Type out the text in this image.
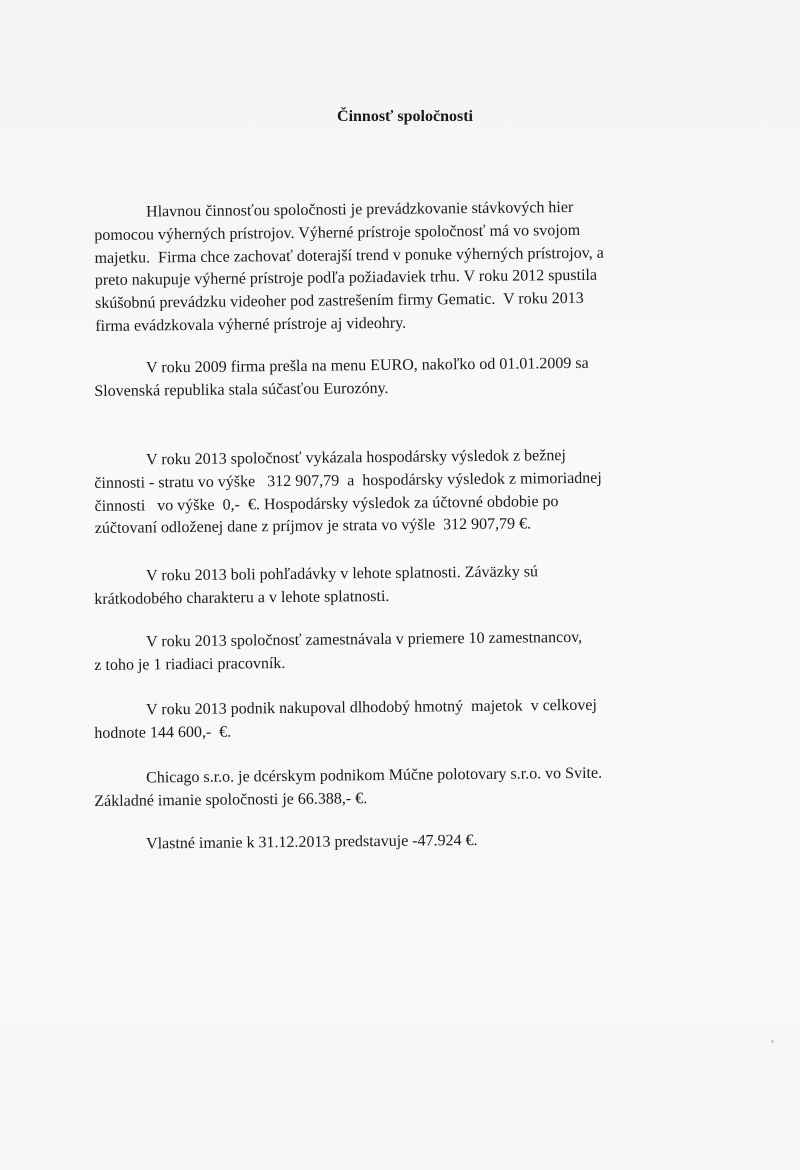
Činnosť spoločnosti
Hlavnou činnosťou spoločnosti je prevádzkovanie stávkových hier
pomocou výherných prístrojov. Výherné prístroje spoločnosť má vo svojom
majetku.  Firma chce zachovať doterajší trend v ponuke výherných prístrojov, a
preto nakupuje výherné prístroje podľa požiadaviek trhu. V roku 2012 spustila
skúšobnú prevádzku videoher pod zastrešením firmy Gematic.  V roku 2013
firma evádzkovala výherné prístroje aj videohry.
V roku 2009 firma prešla na menu EURO, nakoľko od 01.01.2009 sa
Slovenská republika stala súčasťou Eurozóny.
V roku 2013 spoločnosť vykázala hospodársky výsledok z bežnej
činnosti - stratu vo výške   312 907,79  a  hospodársky výsledok z mimoriadnej
činnosti   vo výške  0,-  €. Hospodársky výsledok za účtovné obdobie po
zúčtovaní odloženej dane z príjmov je strata vo výšle  312 907,79 €.
V roku 2013 boli pohľadávky v lehote splatnosti. Záväzky sú
krátkodobého charakteru a v lehote splatnosti.
V roku 2013 spoločnosť zamestnávala v priemere 10 zamestnancov,
z toho je 1 riadiaci pracovník.
V roku 2013 podnik nakupoval dlhodobý hmotný  majetok  v celkovej
hodnote 144 600,-  €.
Chicago s.r.o. je dcérskym podnikom Múčne polotovary s.r.o. vo Svite.
Základné imanie spoločnosti je 66.388,- €.
Vlastné imanie k 31.12.2013 predstavuje -47.924 €.
